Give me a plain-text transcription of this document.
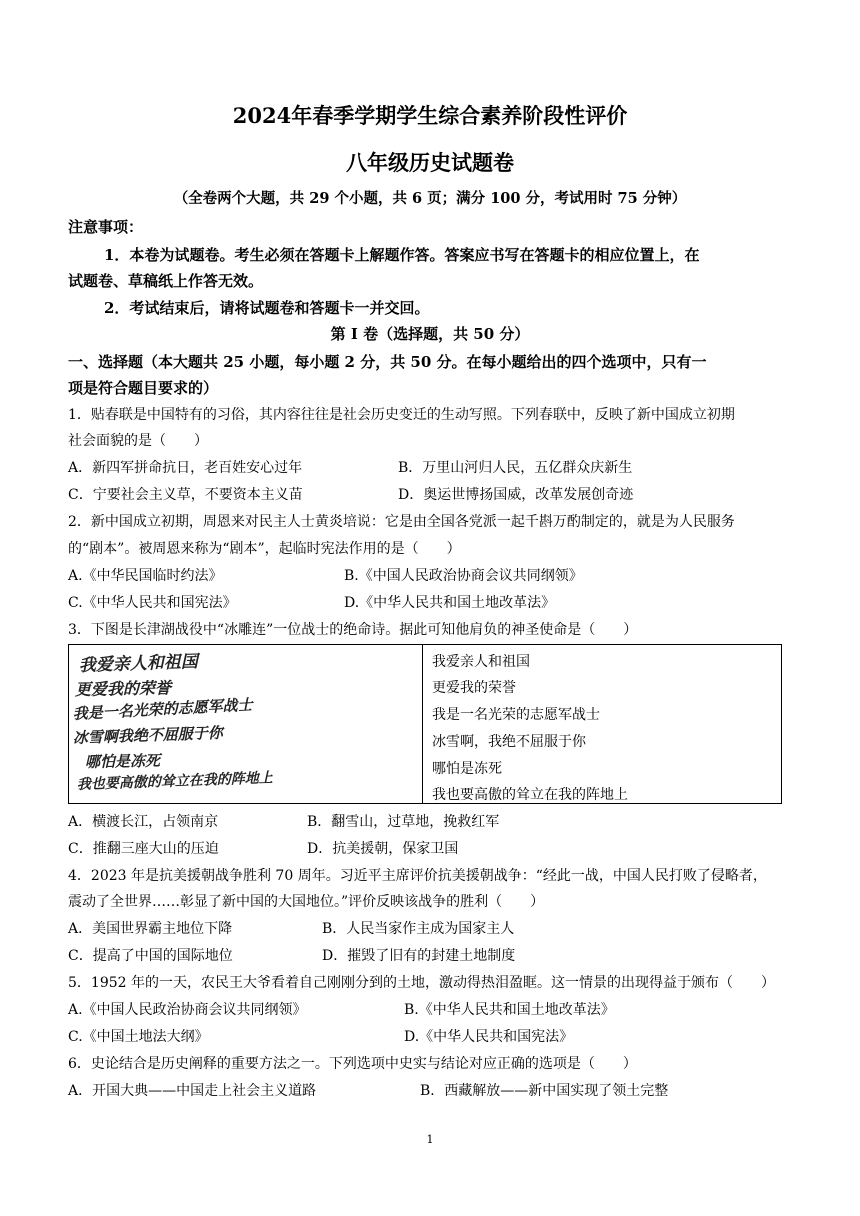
2024年春季学期学生综合素养阶段性评价
八年级历史试题卷
（全卷两个大题，共 29 个小题，共 6 页；满分 100 分，考试用时 75 分钟）
注意事项：
1．本卷为试题卷。考生必须在答题卡上解题作答。答案应书写在答题卡的相应位置上，在
试题卷、草稿纸上作答无效。
2．考试结束后，请将试题卷和答题卡一并交回。
第 I 卷（选择题，共 50 分）
一、选择题（本大题共 25 小题，每小题 2 分，共 50 分。在每小题给出的四个选项中，只有一
项是符合题目要求的）
1．贴春联是中国特有的习俗，其内容往往是社会历史变迁的生动写照。下列春联中，反映了新中国成立初期
社会面貌的是（　　）
A．新四军拼命抗日，老百姓安心过年	B．万里山河归人民，五亿群众庆新生
C．宁要社会主义草，不要资本主义苗	D．奥运世博扬国威，改革发展创奇迹
2．新中国成立初期，周恩来对民主人士黄炎培说：它是由全国各党派一起千斟万酌制定的，就是为人民服务
的“剧本”。被周恩来称为“剧本”，起临时宪法作用的是（　　）
A.《中华民国临时约法》	B.《中国人民政治协商会议共同纲领》
C.《中华人民共和国宪法》	D.《中华人民共和国土地改革法》
3．下图是长津湖战役中“冰雕连”一位战士的绝命诗。据此可知他肩负的神圣使命是（　　）
我爱亲人和祖国
更爱我的荣誉
我是一名光荣的志愿军战士
冰雪啊我绝不屈服于你
哪怕是冻死
我也要高傲的耸立在我的阵地上
我爱亲人和祖国
更爱我的荣誉
我是一名光荣的志愿军战士
冰雪啊，我绝不屈服于你
哪怕是冻死
我也要高傲的耸立在我的阵地上
A．横渡长江，占领南京	B．翻雪山，过草地，挽救红军
C．推翻三座大山的压迫	D．抗美援朝，保家卫国
4．2023 年是抗美援朝战争胜利 70 周年。习近平主席评价抗美援朝战争：“经此一战，中国人民打败了侵略者，
震动了全世界……彰显了新中国的大国地位。”评价反映该战争的胜利（　　）
A．美国世界霸主地位下降	B．人民当家作主成为国家主人
C．提高了中国的国际地位	D．摧毁了旧有的封建土地制度
5．1952 年的一天，农民王大爷看着自己刚刚分到的土地，激动得热泪盈眶。这一情景的出现得益于颁布（　　）
A.《中国人民政治协商会议共同纲领》	B.《中华人民共和国土地改革法》
C.《中国土地法大纲》	D.《中华人民共和国宪法》
6．史论结合是历史阐释的重要方法之一。下列选项中史实与结论对应正确的选项是（　　）
A．开国大典——中国走上社会主义道路	B．西藏解放——新中国实现了领土完整
1
